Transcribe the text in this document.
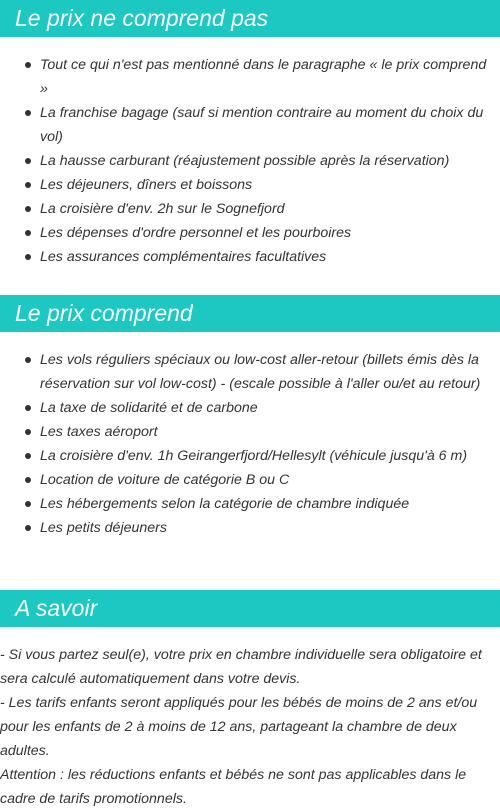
Le prix ne comprend pas
Tout ce qui n'est pas mentionné dans le paragraphe « le prix comprend »
La franchise bagage (sauf si mention contraire au moment du choix du vol)
La hausse carburant (réajustement possible après la réservation)
Les déjeuners, dîners et boissons
La croisière d'env. 2h sur le Sognefjord
Les dépenses d'ordre personnel et les pourboires
Les assurances complémentaires facultatives
Le prix comprend
Les vols réguliers spéciaux ou low-cost aller-retour (billets émis dès la réservation sur vol low-cost) - (escale possible à l'aller ou/et au retour)
La taxe de solidarité et de carbone
Les taxes aéroport
La croisière d'env. 1h Geirangerfjord/Hellesylt (véhicule jusqu'à 6 m)
Location de voiture de catégorie B ou C
Les hébergements selon la catégorie de chambre indiquée
Les petits déjeuners
A savoir
- Si vous partez seul(e), votre prix en chambre individuelle sera obligatoire et sera calculé automatiquement dans votre devis.
- Les tarifs enfants seront appliqués pour les bébés de moins de 2 ans et/ou pour les enfants de 2 à moins de 12 ans, partageant la chambre de deux adultes.
Attention : les réductions enfants et bébés ne sont pas applicables dans le cadre de tarifs promotionnels.
